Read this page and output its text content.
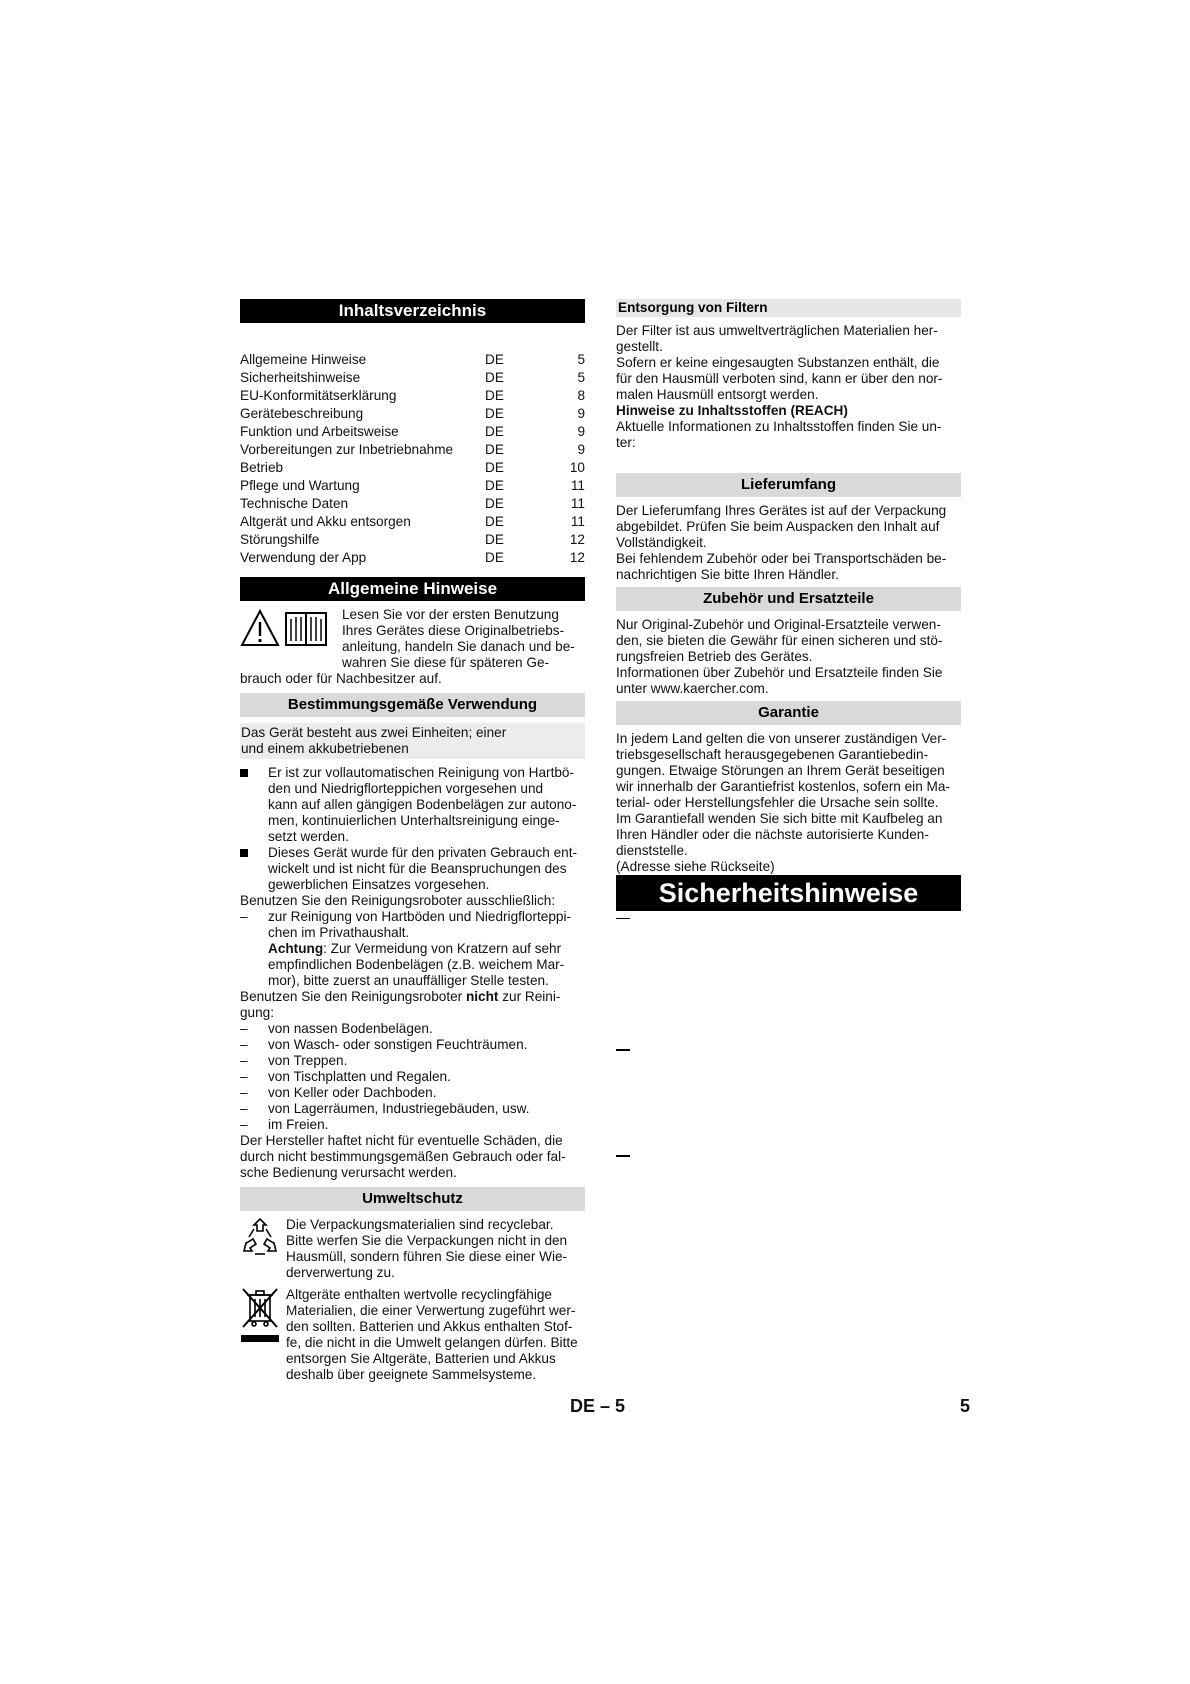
Inhaltsverzeichnis
Allgemeine Hinweise	DE	5
Sicherheitshinweise	DE	5
EU-Konformitätserklärung	DE	8
Gerätebeschreibung	DE	9
Funktion und Arbeitsweise	DE	9
Vorbereitungen zur Inbetriebnahme	DE	9
Betrieb	DE	10
Pflege und Wartung	DE	11
Technische Daten	DE	11
Altgerät und Akku entsorgen	DE	11
Störungshilfe	DE	12
Verwendung der App	DE	12
Allgemeine Hinweise

Lesen Sie vor der ersten Benutzung

Ihres Gerätes diese Originalbetriebs-

anleitung, handeln Sie danach und be-

wahren Sie diese für späteren Ge-

brauch oder für Nachbesitzer auf.

Bestimmungsgemäße Verwendung

Das Gerät besteht aus zwei Einheiten; einer

und einem akkubetriebenen

Er ist zur vollautomatischen Reinigung von Hartbö-

den und Niedrigflorteppichen vorgesehen und

kann auf allen gängigen Bodenbelägen zur autono-

men, kontinuierlichen Unterhaltsreinigung einge-

setzt werden.

Dieses Gerät wurde für den privaten Gebrauch ent-

wickelt und ist nicht für die Beanspruchungen des

gewerblichen Einsatzes vorgesehen.

Benutzen Sie den Reinigungsroboter ausschließlich:

–	zur Reinigung von Hartböden und Niedrigflorteppi-

chen im Privathaushalt.

Achtung: Zur Vermeidung von Kratzern auf sehr

empfindlichen Bodenbelägen (z.B. weichem Mar-

mor), bitte zuerst an unauffälliger Stelle testen.

Benutzen Sie den Reinigungsroboter nicht zur Reini-

gung:

–	von nassen Bodenbelägen.

–	von Wasch- oder sonstigen Feuchträumen.

–	von Treppen.

–	von Tischplatten und Regalen.

–	von Keller oder Dachboden.

–	von Lagerräumen, Industriegebäuden, usw.

–	im Freien.

Der Hersteller haftet nicht für eventuelle Schäden, die

durch nicht bestimmungsgemäßen Gebrauch oder fal-

sche Bedienung verursacht werden.

Umweltschutz

Die Verpackungsmaterialien sind recyclebar.

Bitte werfen Sie die Verpackungen nicht in den

Hausmüll, sondern führen Sie diese einer Wie-

derverwertung zu.

Altgeräte enthalten wertvolle recyclingfähige

Materialien, die einer Verwertung zugeführt wer-

den sollten. Batterien und Akkus enthalten Stof-

fe, die nicht in die Umwelt gelangen dürfen. Bitte

entsorgen Sie Altgeräte, Batterien und Akkus

deshalb über geeignete Sammelsysteme.

Entsorgung von Filtern

Der Filter ist aus umweltverträglichen Materialien her-

gestellt.

Sofern er keine eingesaugten Substanzen enthält, die

für den Hausmüll verboten sind, kann er über den nor-

malen Hausmüll entsorgt werden.

Hinweise zu Inhaltsstoffen (REACH)

Aktuelle Informationen zu Inhaltsstoffen finden Sie un-

ter:

Lieferumfang

Der Lieferumfang Ihres Gerätes ist auf der Verpackung

abgebildet. Prüfen Sie beim Auspacken den Inhalt auf

Vollständigkeit.

Bei fehlendem Zubehör oder bei Transportschäden be-

nachrichtigen Sie bitte Ihren Händler.

Zubehör und Ersatzteile

Nur Original-Zubehör und Original-Ersatzteile verwen-

den, sie bieten die Gewähr für einen sicheren und stö-

rungsfreien Betrieb des Gerätes.

Informationen über Zubehör und Ersatzteile finden Sie

unter www.kaercher.com.

Garantie

In jedem Land gelten die von unserer zuständigen Ver-

triebsgesellschaft herausgegebenen Garantiebedin-

gungen. Etwaige Störungen an Ihrem Gerät beseitigen

wir innerhalb der Garantiefrist kostenlos, sofern ein Ma-

terial- oder Herstellungsfehler die Ursache sein sollte.

Im Garantiefall wenden Sie sich bitte mit Kaufbeleg an

Ihren Händler oder die nächste autorisierte Kunden-

dienststelle.

(Adresse siehe Rückseite)

Sicherheitshinweise
DE – 5	5
